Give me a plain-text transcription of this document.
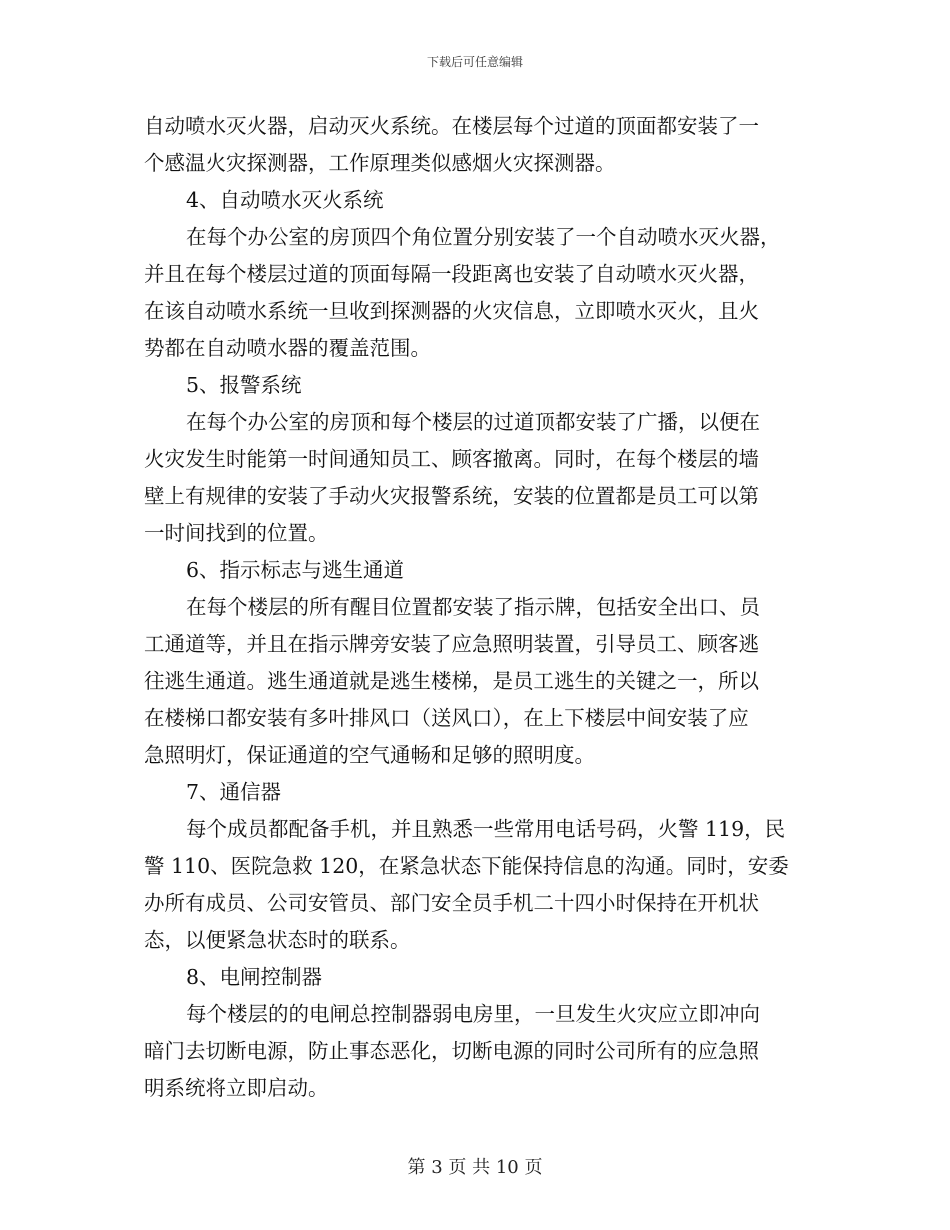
下载后可任意编辑

自动喷水灭火器，启动灭火系统。在楼层每个过道的顶面都安装了一

个感温火灾探测器，工作原理类似感烟火灾探测器。

4、自动喷水灭火系统

在每个办公室的房顶四个角位置分别安装了一个自动喷水灭火器，

并且在每个楼层过道的顶面每隔一段距离也安装了自动喷水灭火器，

在该自动喷水系统一旦收到探测器的火灾信息，立即喷水灭火，且火

势都在自动喷水器的覆盖范围。

5、报警系统

在每个办公室的房顶和每个楼层的过道顶都安装了广播，以便在

火灾发生时能第一时间通知员工、顾客撤离。同时，在每个楼层的墙

壁上有规律的安装了手动火灾报警系统，安装的位置都是员工可以第

一时间找到的位置。

6、指示标志与逃生通道

在每个楼层的所有醒目位置都安装了指示牌，包括安全出口、员

工通道等，并且在指示牌旁安装了应急照明装置，引导员工、顾客逃

往逃生通道。逃生通道就是逃生楼梯，是员工逃生的关键之一，所以

在楼梯口都安装有多叶排风口（送风口），在上下楼层中间安装了应

急照明灯，保证通道的空气通畅和足够的照明度。

7、通信器

每个成员都配备手机，并且熟悉一些常用电话号码，火警 119，民

警 110、医院急救 120，在紧急状态下能保持信息的沟通。同时，安委

办所有成员、公司安管员、部门安全员手机二十四小时保持在开机状

态，以便紧急状态时的联系。

8、电闸控制器

每个楼层的的电闸总控制器弱电房里，一旦发生火灾应立即冲向

暗门去切断电源，防止事态恶化，切断电源的同时公司所有的应急照

明系统将立即启动。

第 3 页 共 10 页
